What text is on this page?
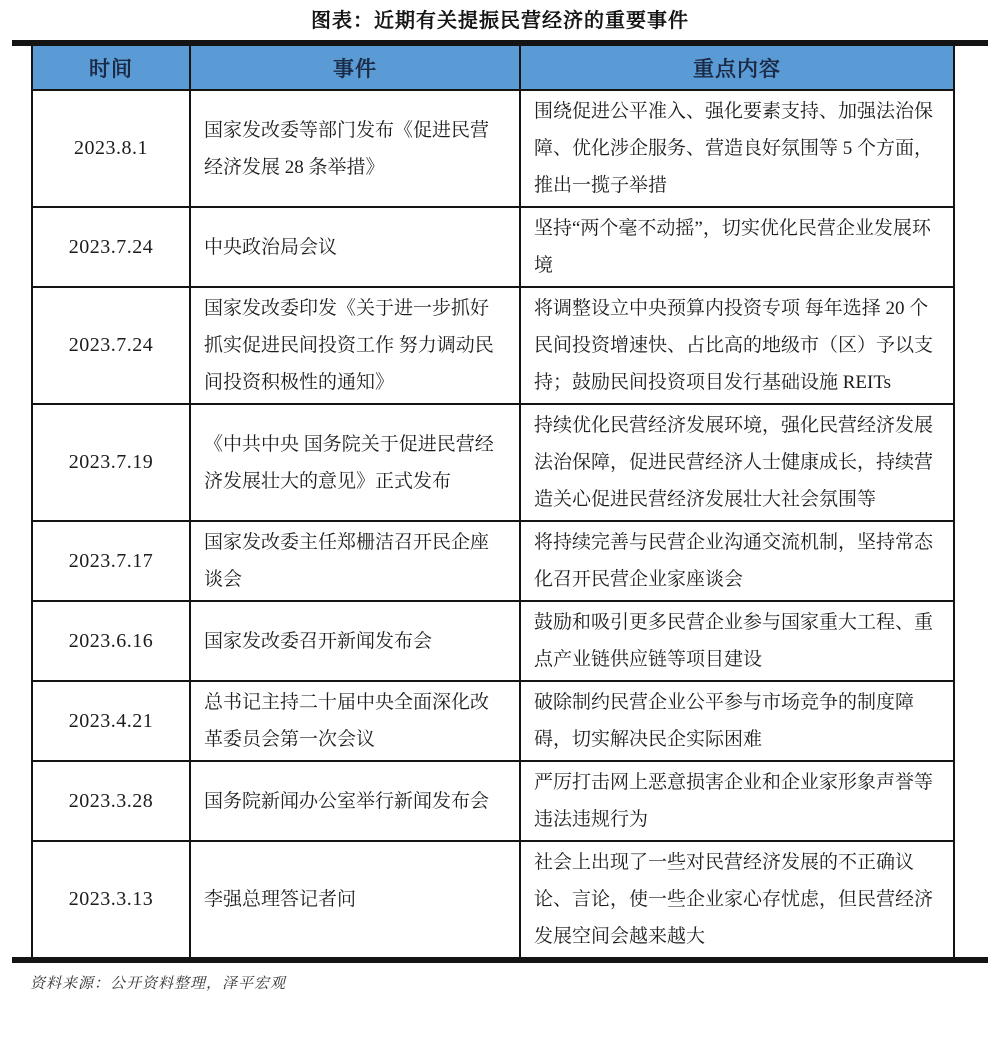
图表：近期有关提振民营经济的重要事件
时间	事件	重点内容
2023.8.1	国家发改委等部门发布《促进民营经济发展 28 条举措》	围绕促进公平准入、强化要素支持、加强法治保障、优化涉企服务、营造良好氛围等 5 个方面，推出一揽子举措
2023.7.24	中央政治局会议	坚持“两个毫不动摇”，切实优化民营企业发展环境
2023.7.24	国家发改委印发《关于进一步抓好抓实促进民间投资工作 努力调动民间投资积极性的通知》	将调整设立中央预算内投资专项 每年选择 20 个民间投资增速快、占比高的地级市（区）予以支持；鼓励民间投资项目发行基础设施 REITs
2023.7.19	《中共中央 国务院关于促进民营经济发展壮大的意见》正式发布	持续优化民营经济发展环境，强化民营经济发展法治保障，促进民营经济人士健康成长，持续营造关心促进民营经济发展壮大社会氛围等
2023.7.17	国家发改委主任郑栅洁召开民企座谈会	将持续完善与民营企业沟通交流机制，坚持常态化召开民营企业家座谈会
2023.6.16	国家发改委召开新闻发布会	鼓励和吸引更多民营企业参与国家重大工程、重点产业链供应链等项目建设
2023.4.21	总书记主持二十届中央全面深化改革委员会第一次会议	破除制约民营企业公平参与市场竞争的制度障碍，切实解决民企实际困难
2023.3.28	国务院新闻办公室举行新闻发布会	严厉打击网上恶意损害企业和企业家形象声誉等违法违规行为
2023.3.13	李强总理答记者问	社会上出现了一些对民营经济发展的不正确议论、言论，使一些企业家心存忧虑，但民营经济发展空间会越来越大
资料来源：公开资料整理，泽平宏观
